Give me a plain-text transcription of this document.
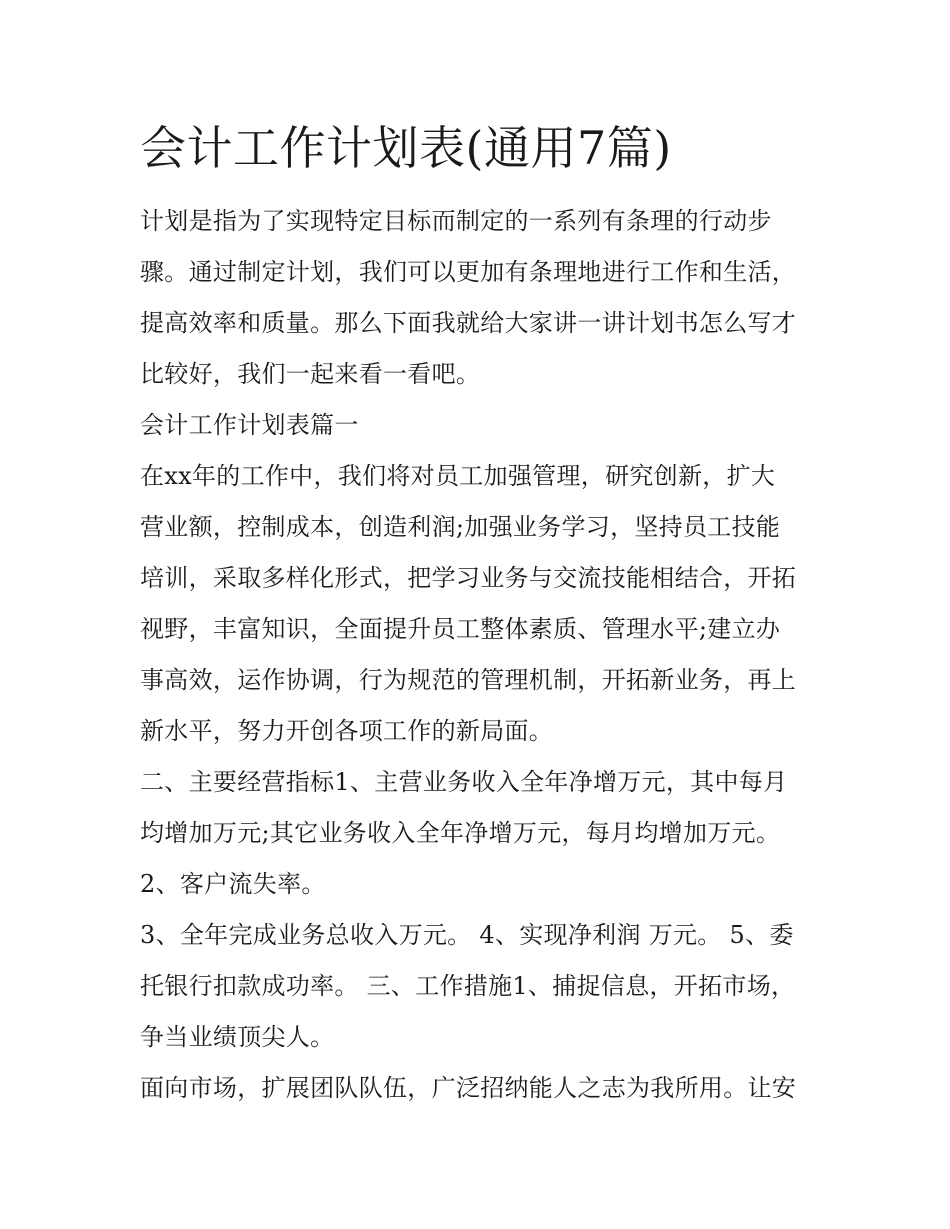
会计工作计划表(通用7篇)

计划是指为了实现特定目标而制定的一系列有条理的行动步
骤。通过制定计划，我们可以更加有条理地进行工作和生活，
提高效率和质量。那么下面我就给大家讲一讲计划书怎么写才
比较好，我们一起来看一看吧。

会计工作计划表篇一

在xx年的工作中，我们将对员工加强管理，研究创新，扩大
营业额，控制成本，创造利润;加强业务学习，坚持员工技能
培训，采取多样化形式，把学习业务与交流技能相结合，开拓
视野，丰富知识，全面提升员工整体素质、管理水平;建立办
事高效，运作协调，行为规范的管理机制，开拓新业务，再上
新水平，努力开创各项工作的新局面。

二、主要经营指标1、主营业务收入全年净增万元，其中每月
均增加万元;其它业务收入全年净增万元，每月均增加万元。

2、客户流失率。

3、全年完成业务总收入万元。 4、实现净利润 万元。 5、委
托银行扣款成功率。 三、工作措施1、捕捉信息，开拓市场，
争当业绩顶尖人。

面向市场，扩展团队队伍，广泛招纳能人之志为我所用。让安
